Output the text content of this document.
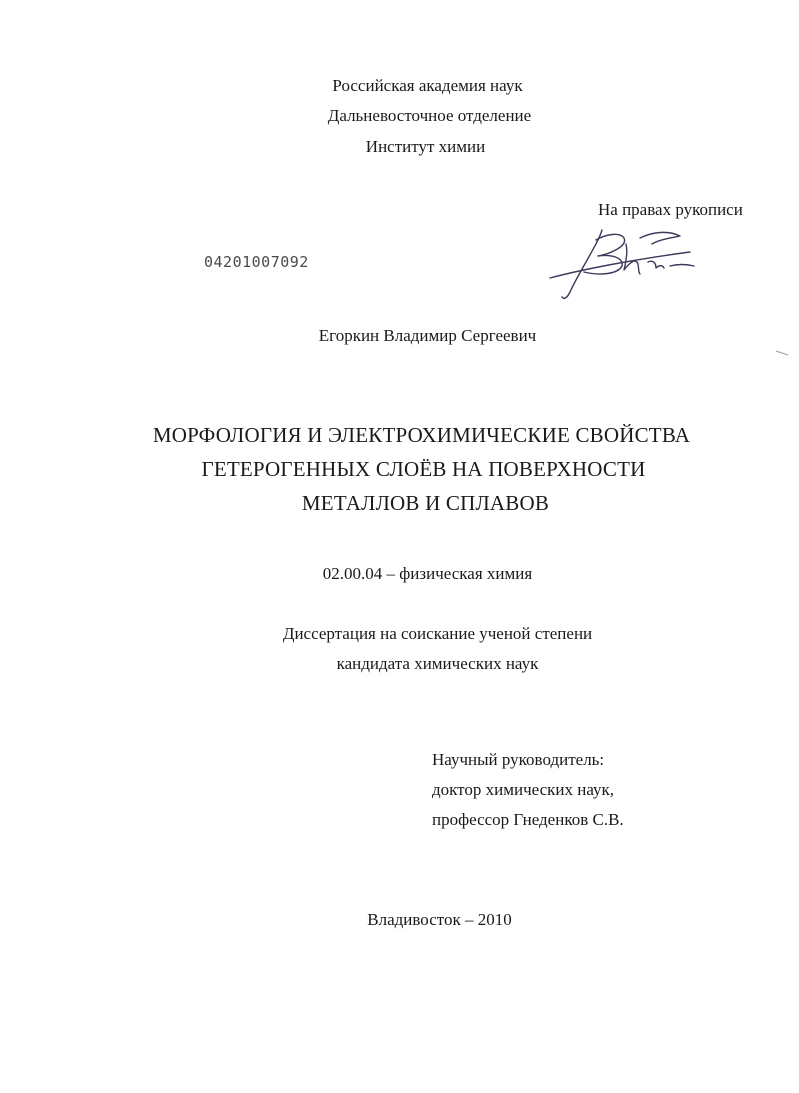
Российская академия наук
Дальневосточное отделение
Институт химии
На правах рукописи
04201007092
Егоркин Владимир Сергеевич
МОРФОЛОГИЯ И ЭЛЕКТРОХИМИЧЕСКИЕ СВОЙСТВА
ГЕТЕРОГЕННЫХ СЛОЁВ НА ПОВЕРХНОСТИ
МЕТАЛЛОВ И СПЛАВОВ
02.00.04 – физическая химия
Диссертация на соискание ученой степени
кандидата химических наук
Научный руководитель:
доктор химических наук,
профессор Гнеденков С.В.
Владивосток – 2010
